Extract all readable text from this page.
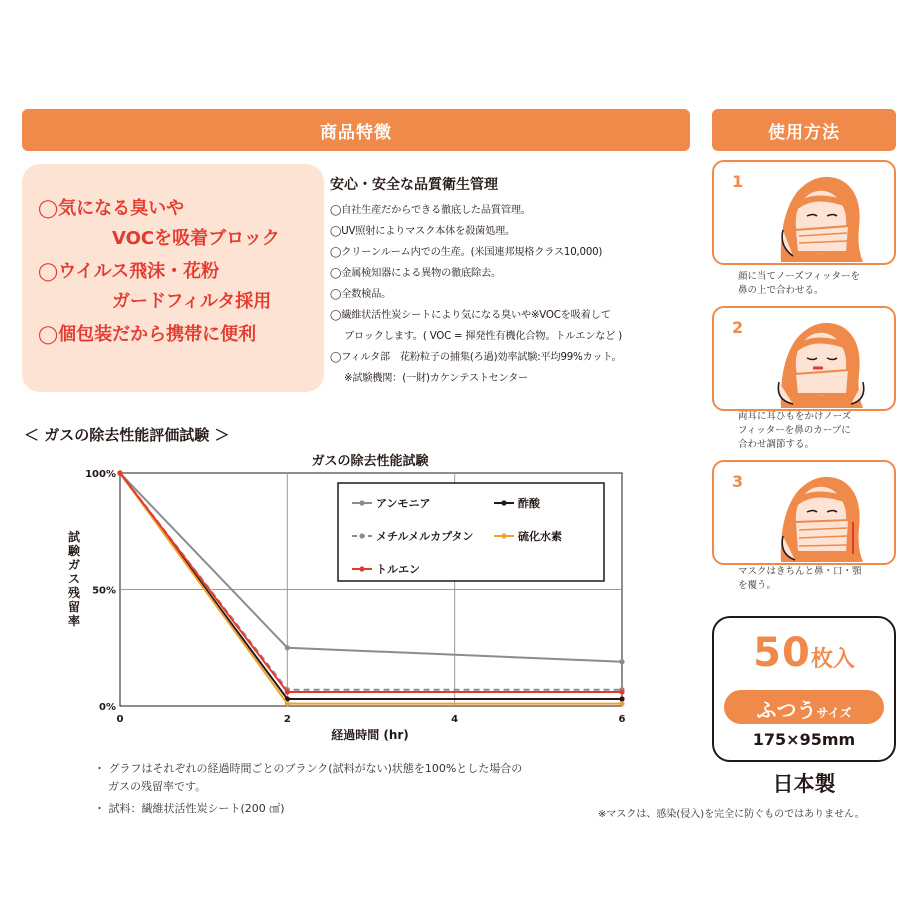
商品特徴	使用方法
◯気になる臭いや
VOCを吸着ブロック
◯ウイルス飛沫・花粉
ガードフィルタ採用
◯個包装だから携帯に便利
安心・安全な品質衛生管理
◯自社生産だからできる徹底した品質管理。
◯UV照射によりマスク本体を殺菌処理。
◯クリーンルーム内での生産。(米国連邦規格クラス10,000)
◯金属検知器による異物の徹底除去。
◯全数検品。
◯繊維状活性炭シートにより気になる臭いや※VOCを吸着して
ブロックします。( VOC = 揮発性有機化合物。トルエンなど )
◯フィルタ部　花粉粒子の捕集(ろ過)効率試験:平均99%カット。
※試験機関：(一財)カケンテストセンター
＜ ガスの除去性能評価試験 ＞
ガスの除去性能試験
0%
50%
100%
0	2	4	6
アンモニア	酢酸
メチルメルカプタン	硫化水素
トルエン
経過時間 (hr)
試験ガス残留率
・ グラフはそれぞれの経過時間ごとのブランク(試料がない)状態を100%とした場合の
ガスの残留率です。
・ 試料：繊維状活性炭シート(200 ㎠)
1
顔に当てノーズフィッターを
鼻の上で合わせる。
2
両耳に耳ひもをかけノーズ
フィッターを鼻のカーブに
合わせ調節する。
3
マスクはきちんと鼻・口・顎
を覆う。
50枚入
ふつう サイズ
175×95mm
日本製
※マスクは、感染(侵入)を完全に防ぐものではありません。
